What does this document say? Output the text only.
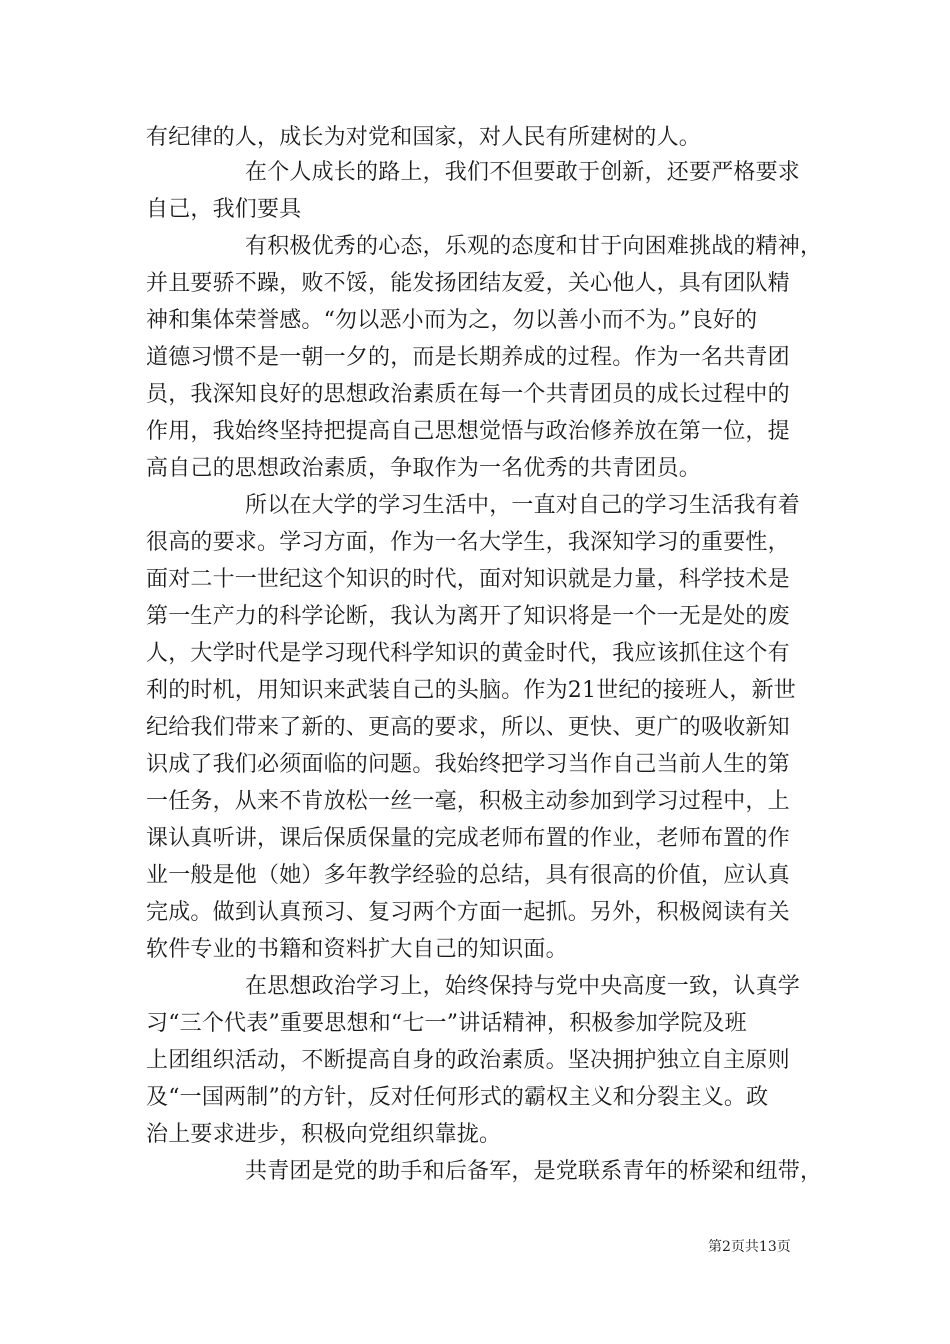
有纪律的人，成长为对党和国家，对人民有所建树的人。
在个人成长的路上，我们不但要敢于创新，还要严格要求
自己，我们要具
有积极优秀的心态，乐观的态度和甘于向困难挑战的精神，
并且要骄不躁，败不馁，能发扬团结友爱，关心他人，具有团队精
神和集体荣誉感。“勿以恶小而为之，勿以善小而不为。”良好的
道德习惯不是一朝一夕的，而是长期养成的过程。作为一名共青团
员，我深知良好的思想政治素质在每一个共青团员的成长过程中的
作用，我始终坚持把提高自己思想觉悟与政治修养放在第一位，提
高自己的思想政治素质，争取作为一名优秀的共青团员。
所以在大学的学习生活中，一直对自己的学习生活我有着
很高的要求。学习方面，作为一名大学生，我深知学习的重要性，
面对二十一世纪这个知识的时代，面对知识就是力量，科学技术是
第一生产力的科学论断，我认为离开了知识将是一个一无是处的废
人，大学时代是学习现代科学知识的黄金时代，我应该抓住这个有
利的时机，用知识来武装自己的头脑。作为21世纪的接班人，新世
纪给我们带来了新的、更高的要求，所以、更快、更广的吸收新知
识成了我们必须面临的问题。我始终把学习当作自己当前人生的第
一任务，从来不肯放松一丝一毫，积极主动参加到学习过程中，上
课认真听讲，课后保质保量的完成老师布置的作业，老师布置的作
业一般是他（她）多年教学经验的总结，具有很高的价值，应认真
完成。做到认真预习、复习两个方面一起抓。另外，积极阅读有关
软件专业的书籍和资料扩大自己的知识面。
在思想政治学习上，始终保持与党中央高度一致，认真学
习“三个代表”重要思想和“七一”讲话精神，积极参加学院及班
上团组织活动，不断提高自身的政治素质。坚决拥护独立自主原则
及“一国两制”的方针，反对任何形式的霸权主义和分裂主义。政
治上要求进步，积极向党组织靠拢。
共青团是党的助手和后备军，是党联系青年的桥梁和纽带，
第2页共13页
